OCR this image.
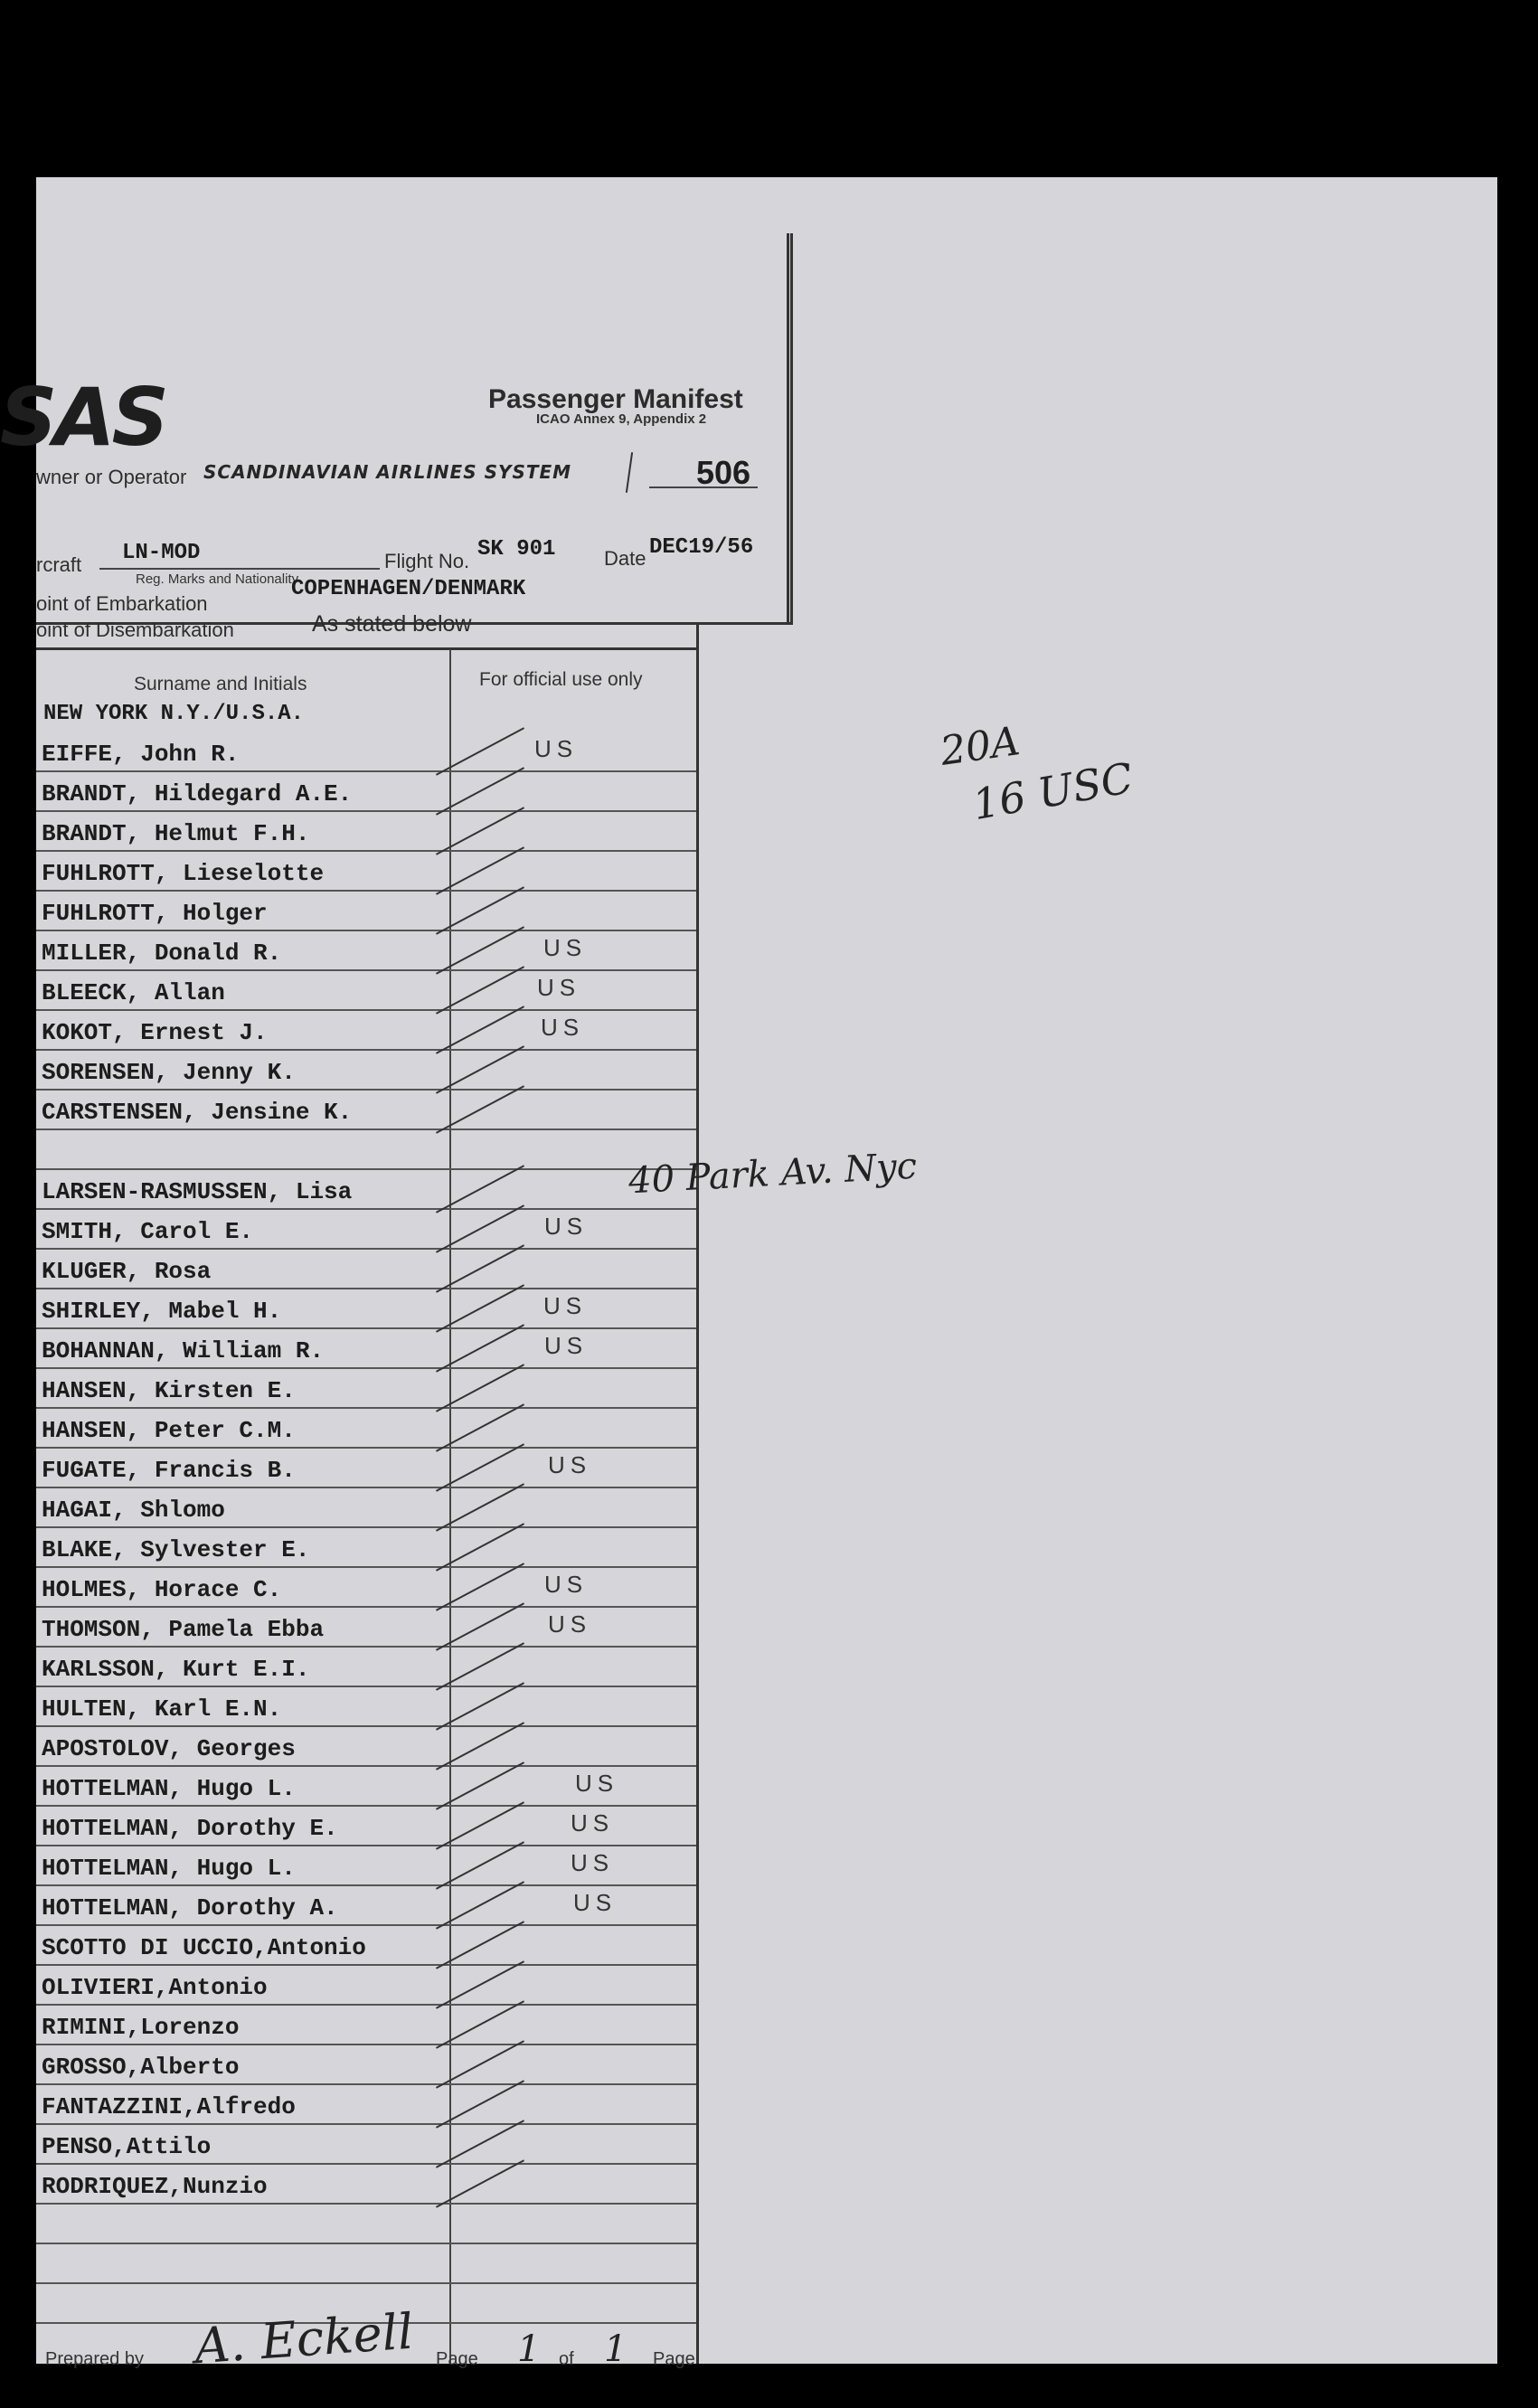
SAS	Passenger Manifest
ICAO Annex 9, Appendix 2
wner or Operator SCANDINAVIAN AIRLINES SYSTEM	506
rcraft LN-MOD
Reg. Marks and Nationality
Flight No. SK 901 Date DEC19/56
oint of Embarkation
COPENHAGEN/DENMARK
oint of Disembarkation	As stated below
Surname and Initials	For official use only
NEW YORK N.Y./U.S.A.
EIFFE, John R.	US
BRANDT, Hildegard A.E.
BRANDT, Helmut F.H.
FUHLROTT, Lieselotte
FUHLROTT, Holger
MILLER, Donald R.	US
BLEECK, Allan	US
KOKOT, Ernest J.	US
SORENSEN, Jenny K.
CARSTENSEN, Jensine K.
LARSEN-RASMUSSEN, Lisa
SMITH, Carol E.	US
KLUGER, Rosa
SHIRLEY, Mabel H.	US
BOHANNAN, William R.	US
HANSEN, Kirsten E.
HANSEN, Peter C.M.
FUGATE, Francis B.	US
HAGAI, Shlomo
BLAKE, Sylvester E.
HOLMES, Horace C.	US
THOMSON, Pamela Ebba	US
KARLSSON, Kurt E.I.
HULTEN, Karl E.N.
APOSTOLOV, Georges
HOTTELMAN, Hugo L.	US
HOTTELMAN, Dorothy E.	US
HOTTELMAN, Hugo L.	US
HOTTELMAN, Dorothy A.	US
SCOTTO DI UCCIO,Antonio
OLIVIERI,Antonio
RIMINI,Lorenzo
GROSSO,Alberto
FANTAZZINI,Alfredo
PENSO,Attilo
RODRIQUEZ,Nunzio
20A
16 USC
40 Park Av. Nyc
Prepared by A. Eckell Page 1 of 1 Page
